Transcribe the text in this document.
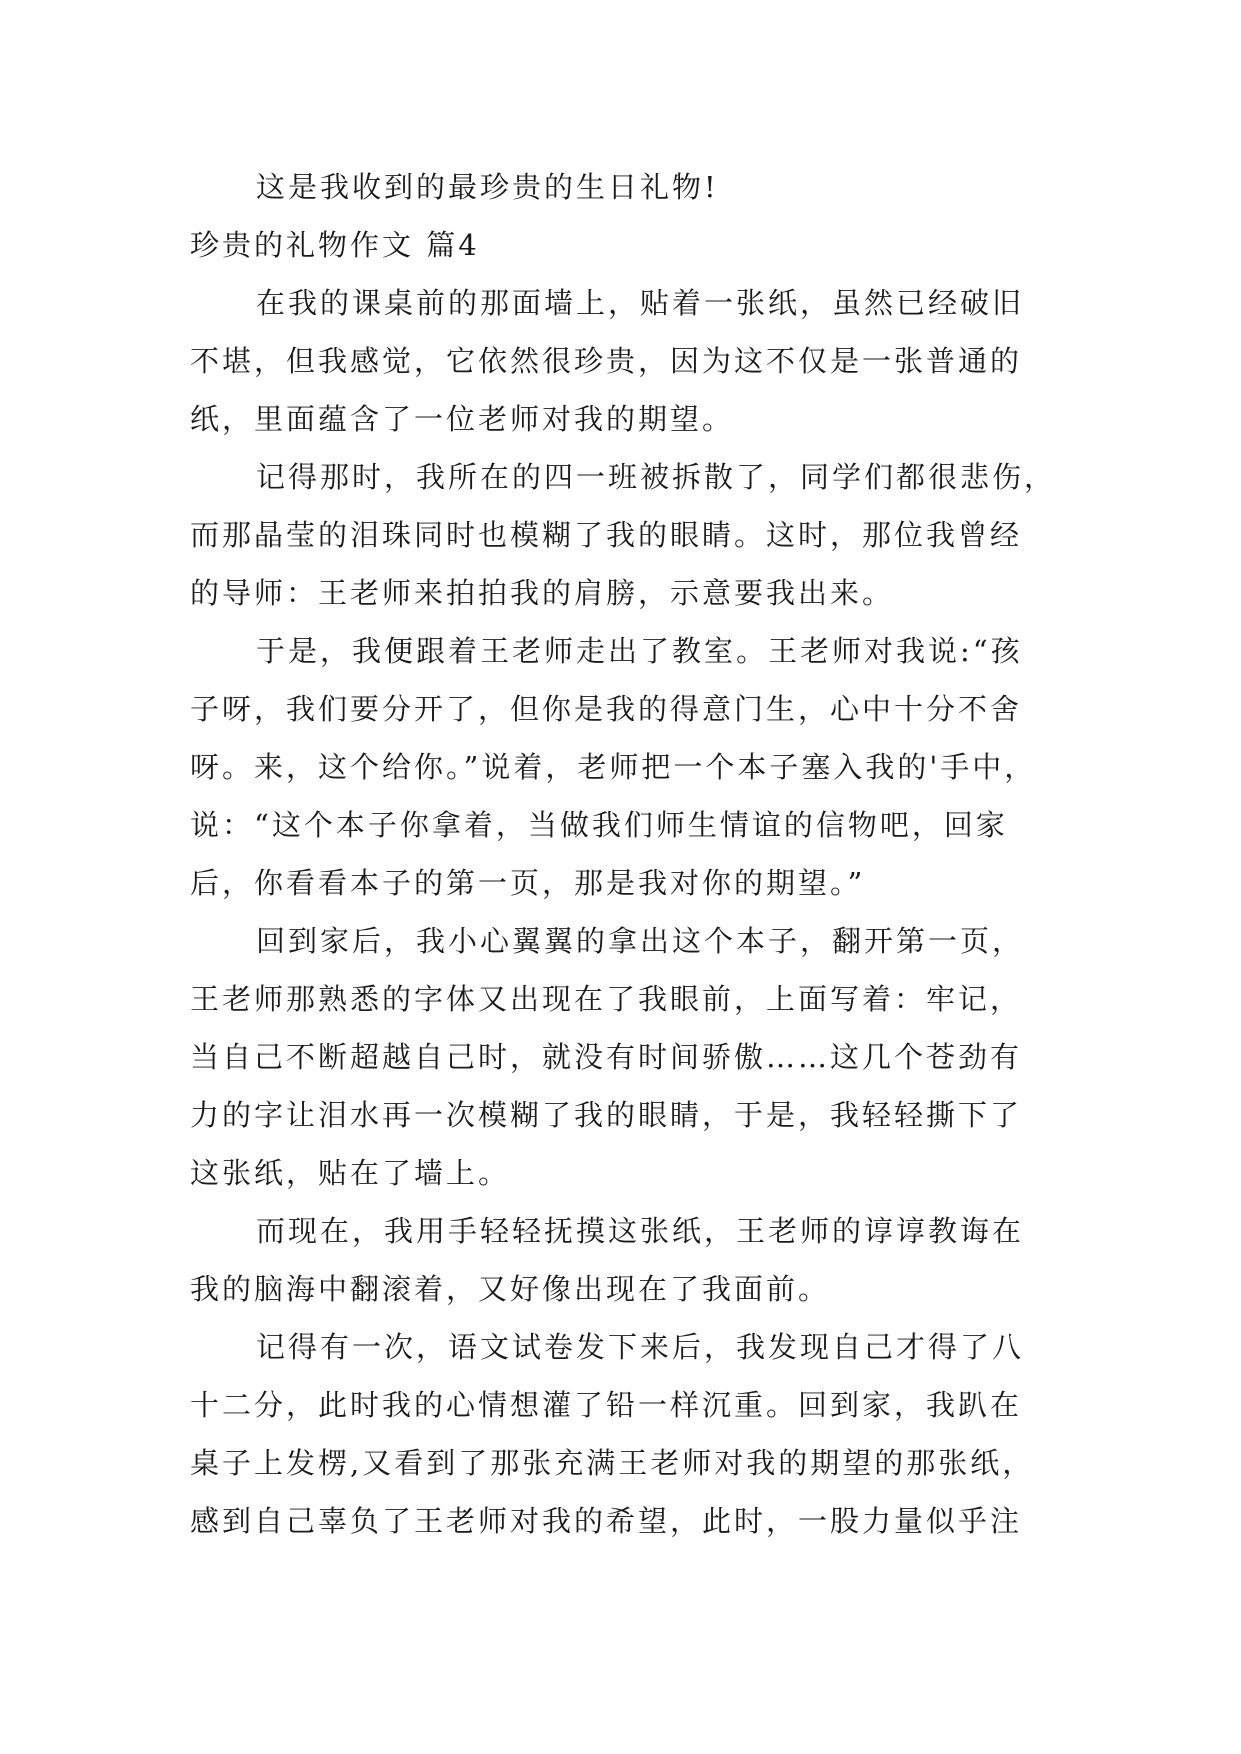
这是我收到的最珍贵的生日礼物!
珍贵的礼物作文 篇4
在我的课桌前的那面墙上，贴着一张纸，虽然已经破旧
不堪，但我感觉，它依然很珍贵，因为这不仅是一张普通的
纸，里面蕴含了一位老师对我的期望。
记得那时，我所在的四一班被拆散了，同学们都很悲伤，
而那晶莹的泪珠同时也模糊了我的眼睛。这时，那位我曾经
的导师：王老师来拍拍我的肩膀，示意要我出来。
于是，我便跟着王老师走出了教室。王老师对我说:“孩
子呀，我们要分开了，但你是我的得意门生，心中十分不舍
呀。来，这个给你。”说着，老师把一个本子塞入我的'手中，
说：“这个本子你拿着，当做我们师生情谊的信物吧，回家
后，你看看本子的第一页，那是我对你的期望。”
回到家后，我小心翼翼的拿出这个本子，翻开第一页，
王老师那熟悉的字体又出现在了我眼前，上面写着：牢记，
当自己不断超越自己时，就没有时间骄傲……这几个苍劲有
力的字让泪水再一次模糊了我的眼睛，于是，我轻轻撕下了
这张纸，贴在了墙上。
而现在，我用手轻轻抚摸这张纸，王老师的谆谆教诲在
我的脑海中翻滚着，又好像出现在了我面前。
记得有一次，语文试卷发下来后，我发现自己才得了八
十二分，此时我的心情想灌了铅一样沉重。回到家，我趴在
桌子上发楞,又看到了那张充满王老师对我的期望的那张纸，
感到自己辜负了王老师对我的希望，此时，一股力量似乎注
